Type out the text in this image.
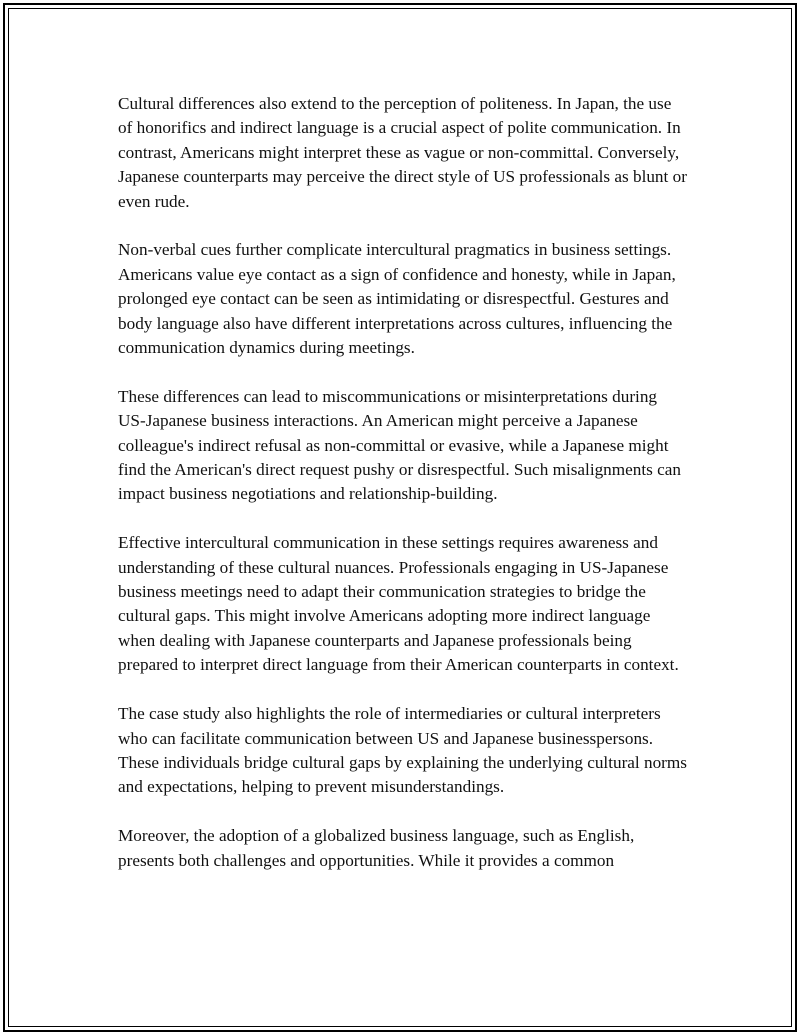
Cultural differences also extend to the perception of politeness. In Japan, the use of honorifics and indirect language is a crucial aspect of polite communication. In contrast, Americans might interpret these as vague or non-committal. Conversely, Japanese counterparts may perceive the direct style of US professionals as blunt or even rude.

Non-verbal cues further complicate intercultural pragmatics in business settings. Americans value eye contact as a sign of confidence and honesty, while in Japan, prolonged eye contact can be seen as intimidating or disrespectful. Gestures and body language also have different interpretations across cultures, influencing the communication dynamics during meetings.

These differences can lead to miscommunications or misinterpretations during US-Japanese business interactions. An American might perceive a Japanese colleague's indirect refusal as non-committal or evasive, while a Japanese might find the American's direct request pushy or disrespectful. Such misalignments can impact business negotiations and relationship-building.

Effective intercultural communication in these settings requires awareness and understanding of these cultural nuances. Professionals engaging in US-Japanese business meetings need to adapt their communication strategies to bridge the cultural gaps. This might involve Americans adopting more indirect language when dealing with Japanese counterparts and Japanese professionals being prepared to interpret direct language from their American counterparts in context.

The case study also highlights the role of intermediaries or cultural interpreters who can facilitate communication between US and Japanese businesspersons. These individuals bridge cultural gaps by explaining the underlying cultural norms and expectations, helping to prevent misunderstandings.

Moreover, the adoption of a globalized business language, such as English, presents both challenges and opportunities. While it provides a common
